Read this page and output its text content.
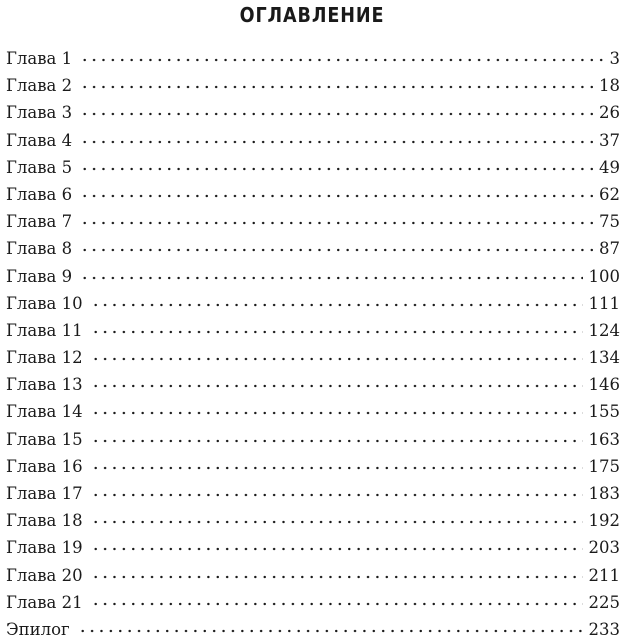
ОГЛАВЛЕНИЕ
Глава 1	3
Глава 2	18
Глава 3	26
Глава 4	37
Глава 5	49
Глава 6	62
Глава 7	75
Глава 8	87
Глава 9	100
Глава 10	111
Глава 11	124
Глава 12	134
Глава 13	146
Глава 14	155
Глава 15	163
Глава 16	175
Глава 17	183
Глава 18	192
Глава 19	203
Глава 20	211
Глава 21	225
Эпилог	233
